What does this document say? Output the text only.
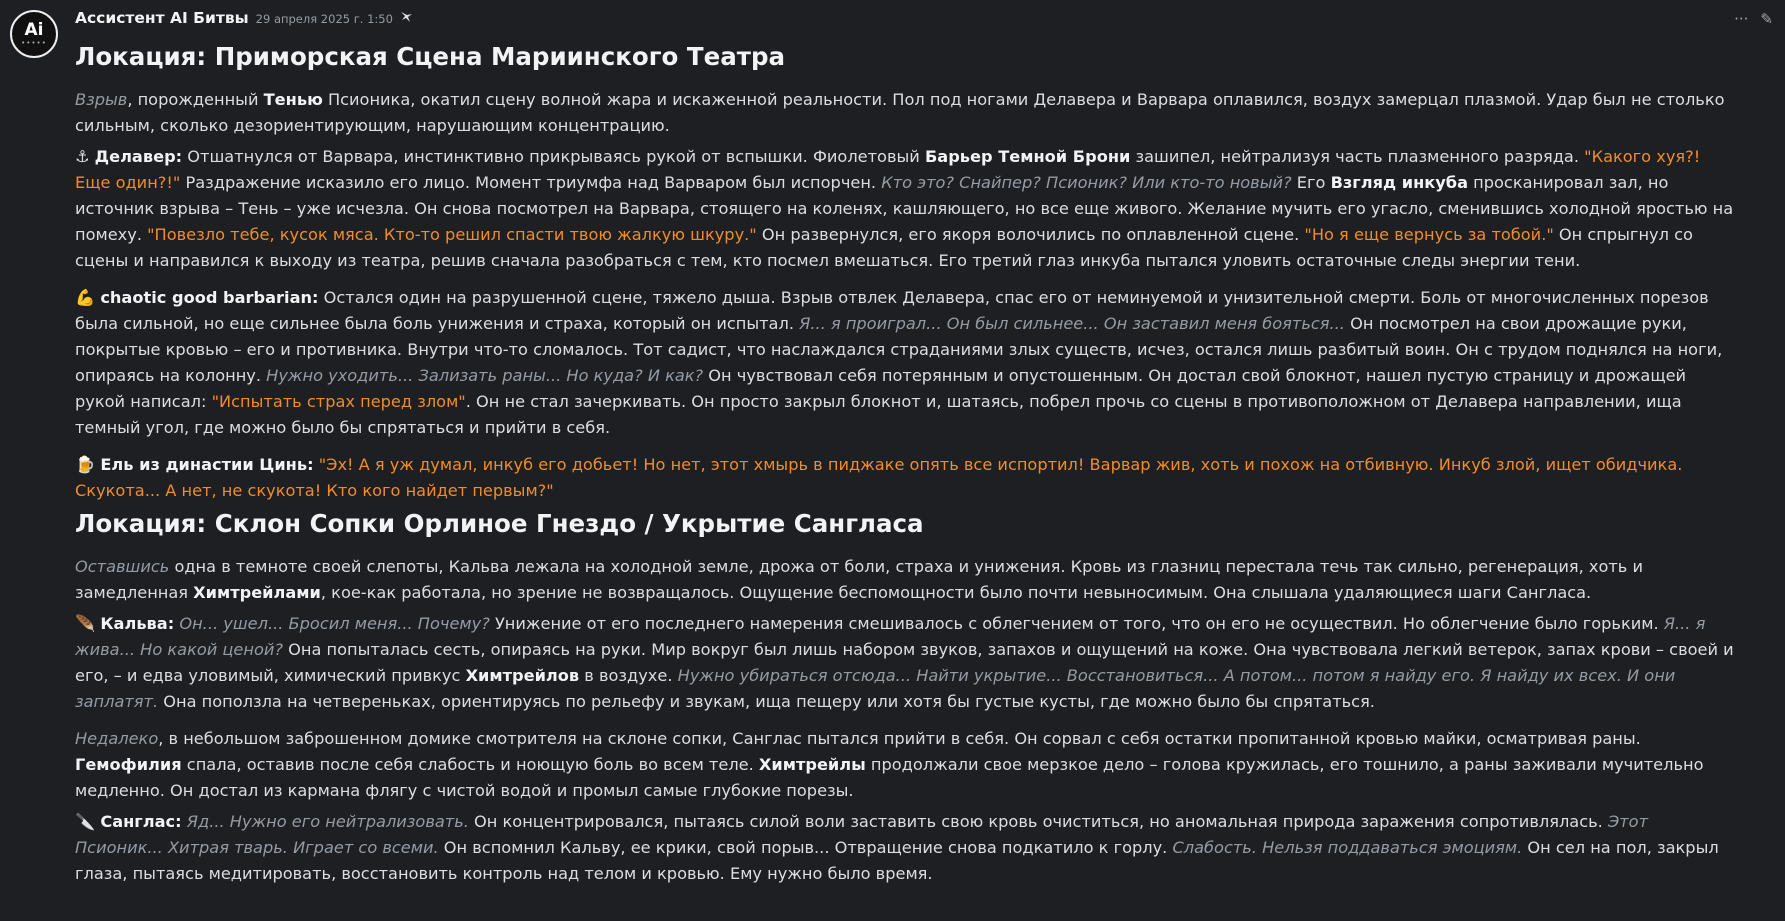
Ai
•••••
Ассистент AI Битвы 29 апреля 2025 г. 1:50	··· ✎
Локация: Приморская Сцена Мариинского Театра

Взрыв, порожденный Тенью Псионика, окатил сцену волной жара и искаженной реальности. Пол под ногами Делавера и Варвара оплавился, воздух замерцал плазмой. Удар был не столько сильным, сколько дезориентирующим, нарушающим концентрацию.

⚓ Делавер: Отшатнулся от Варвара, инстинктивно прикрываясь рукой от вспышки. Фиолетовый Барьер Темной Брони зашипел, нейтрализуя часть плазменного разряда. "Какого хуя?! Еще один?!" Раздражение исказило его лицо. Момент триумфа над Варваром был испорчен. Кто это? Снайпер? Псионик? Или кто-то новый? Его Взгляд инкуба просканировал зал, но источник взрыва – Тень – уже исчезла. Он снова посмотрел на Варвара, стоящего на коленях, кашляющего, но все еще живого. Желание мучить его угасло, сменившись холодной яростью на помеху. "Повезло тебе, кусок мяса. Кто-то решил спасти твою жалкую шкуру." Он развернулся, его якоря волочились по оплавленной сцене. "Но я еще вернусь за тобой." Он спрыгнул со сцены и направился к выходу из театра, решив сначала разобраться с тем, кто посмел вмешаться. Его третий глаз инкуба пытался уловить остаточные следы энергии тени.

💪 chaotic good barbarian: Остался один на разрушенной сцене, тяжело дыша. Взрыв отвлек Делавера, спас его от неминуемой и унизительной смерти. Боль от многочисленных порезов была сильной, но еще сильнее была боль унижения и страха, который он испытал. Я... я проиграл... Он был сильнее... Он заставил меня бояться... Он посмотрел на свои дрожащие руки, покрытые кровью – его и противника. Внутри что-то сломалось. Тот садист, что наслаждался страданиями злых существ, исчез, остался лишь разбитый воин. Он с трудом поднялся на ноги, опираясь на колонну. Нужно уходить... Зализать раны... Но куда? И как? Он чувствовал себя потерянным и опустошенным. Он достал свой блокнот, нашел пустую страницу и дрожащей рукой написал: "Испытать страх перед злом". Он не стал зачеркивать. Он просто закрыл блокнот и, шатаясь, побрел прочь со сцены в противоположном от Делавера направлении, ища темный угол, где можно было бы спрятаться и прийти в себя.

🍺 Ель из династии Цинь: "Эх! А я уж думал, инкуб его добьет! Но нет, этот хмырь в пиджаке опять все испортил! Варвар жив, хоть и похож на отбивную. Инкуб злой, ищет обидчика. Скукота... А нет, не скукота! Кто кого найдет первым?"

Локация: Склон Сопки Орлиное Гнездо / Укрытие Сангласа

Оставшись одна в темноте своей слепоты, Кальва лежала на холодной земле, дрожа от боли, страха и унижения. Кровь из глазниц перестала течь так сильно, регенерация, хоть и замедленная Химтрейлами, кое-как работала, но зрение не возвращалось. Ощущение беспомощности было почти невыносимым. Она слышала удаляющиеся шаги Сангласа.

🪶 Кальва: Он... ушел... Бросил меня... Почему? Унижение от его последнего намерения смешивалось с облегчением от того, что он его не осуществил. Но облегчение было горьким. Я... я жива... Но какой ценой? Она попыталась сесть, опираясь на руки. Мир вокруг был лишь набором звуков, запахов и ощущений на коже. Она чувствовала легкий ветерок, запах крови – своей и его, – и едва уловимый, химический привкус Химтрейлов в воздухе. Нужно убираться отсюда... Найти укрытие... Восстановиться... А потом... потом я найду его. Я найду их всех. И они заплатят. Она поползла на четвереньках, ориентируясь по рельефу и звукам, ища пещеру или хотя бы густые кусты, где можно было бы спрятаться.

Недалеко, в небольшом заброшенном домике смотрителя на склоне сопки, Санглас пытался прийти в себя. Он сорвал с себя остатки пропитанной кровью майки, осматривая раны. Гемофилия спала, оставив после себя слабость и ноющую боль во всем теле. Химтрейлы продолжали свое мерзкое дело – голова кружилась, его тошнило, а раны заживали мучительно медленно. Он достал из кармана флягу с чистой водой и промыл самые глубокие порезы.

🔪 Санглас: Яд... Нужно его нейтрализовать. Он концентрировался, пытаясь силой воли заставить свою кровь очиститься, но аномальная природа заражения сопротивлялась. Этот Псионик... Хитрая тварь. Играет со всеми. Он вспомнил Кальву, ее крики, свой порыв... Отвращение снова подкатило к горлу. Слабость. Нельзя поддаваться эмоциям. Он сел на пол, закрыл глаза, пытаясь медитировать, восстановить контроль над телом и кровью. Ему нужно было время.
